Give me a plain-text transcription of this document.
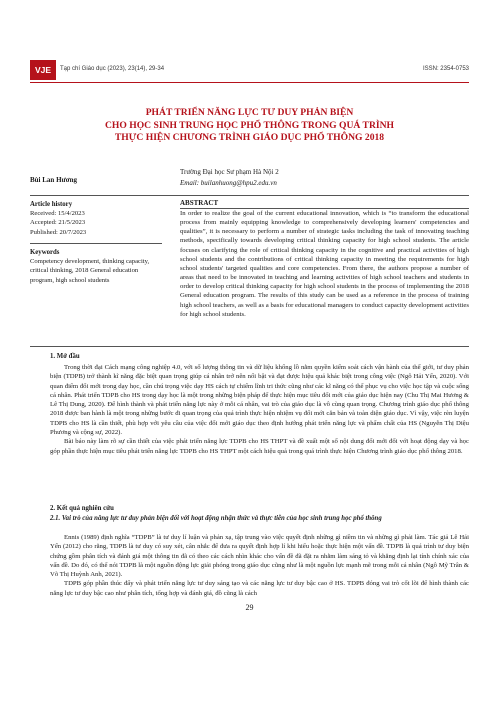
VJE	Tạp chí Giáo dục (2023), 23(14), 29-34	ISSN: 2354-0753
PHÁT TRIỂN NĂNG LỰC TƯ DUY PHẢN BIỆN
CHO HỌC SINH TRUNG HỌC PHỔ THÔNG TRONG QUÁ TRÌNH
THỰC HIỆN CHƯƠNG TRÌNH GIÁO DỤC PHỔ THÔNG 2018
Bùi Lan Hương
Trường Đại học Sư phạm Hà Nội 2
Email: builanhuong@hpu2.edu.vn
Article history
Received: 15/4/2023
Accepted: 21/5/2023
Published: 20/7/2023
Keywords
Competency development, thinking capacity, critical thinking, 2018 General education program, high school students
ABSTRACT
In order to realize the goal of the current educational innovation, which is “to transform the educational process from mainly equipping knowledge to comprehensively developing learners' competencies and qualities”, it is necessary to perform a number of strategic tasks including the task of innovating teaching methods, specifically towards developing critical thinking capacity for high school students. The article focuses on clarifying the role of critical thinking capacity in the cognitive and practical activities of high school students and the contributions of critical thinking capacity in meeting the requirements for high school students' targeted qualities and core competencies. From there, the authors propose a number of areas that need to be innovated in teaching and learning activities of high school teachers and students in order to develop critical thinking capacity for high school students in the process of implementing the 2018 General education program. The results of this study can be used as a reference in the process of training high school teachers, as well as a basis for educational managers to conduct capacity development activities for high school students.
1. Mở đầu

Trong thời đại Cách mạng công nghiệp 4.0, với số lượng thông tin và dữ liệu khổng lồ nằm quyền kiểm soát cách vận hành của thế giới, tư duy phản biện (TDPB) trở thành kĩ năng đặc biệt quan trọng giúp cá nhân trở nên nổi bật và đạt được hiệu quả khác biệt trong công việc (Ngô Hải Yến, 2020). Với quan điểm đổi mới trong dạy học, cần chú trọng việc dạy HS cách tự chiếm lĩnh tri thức cũng như các kĩ năng có thể phục vụ cho việc học tập và cuộc sống cá nhân. Phát triển TDPB cho HS trong dạy học là một trong những biện pháp để thực hiện mục tiêu đổi mới của giáo dục hiện nay (Chu Thị Mai Hương & Lê Thị Dung, 2020). Để hình thành và phát triển năng lực này ở mỗi cá nhân, vai trò của giáo dục là vô cùng quan trọng. Chương trình giáo dục phổ thông 2018 được ban hành là một trong những bước đi quan trọng của quá trình thực hiện nhiệm vụ đổi mới căn bản và toàn diện giáo dục. Vì vậy, việc rèn luyện TDPB cho HS là cần thiết, phù hợp với yêu cầu của việc đổi mới giáo dục theo định hướng phát triển năng lực và phẩm chất của HS (Nguyễn Thị Diệu Phương và cộng sự, 2022).

Bài báo này làm rõ sự cần thiết của việc phát triển năng lực TDPB cho HS THPT và đề xuất một số nội dung đổi mới đối với hoạt động dạy và học góp phần thực hiện mục tiêu phát triển năng lực TDPB cho HS THPT một cách hiệu quả trong quá trình thực hiện Chương trình giáo dục phổ thông 2018.

2. Kết quả nghiên cứu
2.1. Vai trò của năng lực tư duy phản biện đối với hoạt động nhận thức và thực tiễn của học sinh trung học phổ thông

Ennis (1989) định nghĩa “TDPB” là tư duy lí luận và phản xạ, tập trung vào việc quyết định những gì niềm tin và những gì phải làm. Tác giả Lê Hải Yến (2012) cho rằng, TDPB là tư duy có suy xét, cân nhắc để đưa ra quyết định hợp lí khi hiểu hoặc thực hiện một vấn đề. TDPB là quá trình tư duy biện chứng gồm phân tích và đánh giá một thông tin đã có theo các cách nhìn khác cho vấn đề đã đặt ra nhằm làm sáng tỏ và khẳng định lại tính chính xác của vấn đề. Do đó, có thể nói TDPB là một nguồn động lực giải phóng trong giáo dục cũng như là một nguồn lực mạnh mẽ trong mỗi cá nhân (Ngô Mỹ Trân & Võ Thị Huỳnh Anh, 2021).

TDPB góp phần thúc đẩy và phát triển năng lực tư duy sáng tạo và các năng lực tư duy bậc cao ở HS. TDPB đóng vai trò cốt lõi để hình thành các năng lực tư duy bậc cao như phân tích, tổng hợp và đánh giá, đồ cũng là cách

29
